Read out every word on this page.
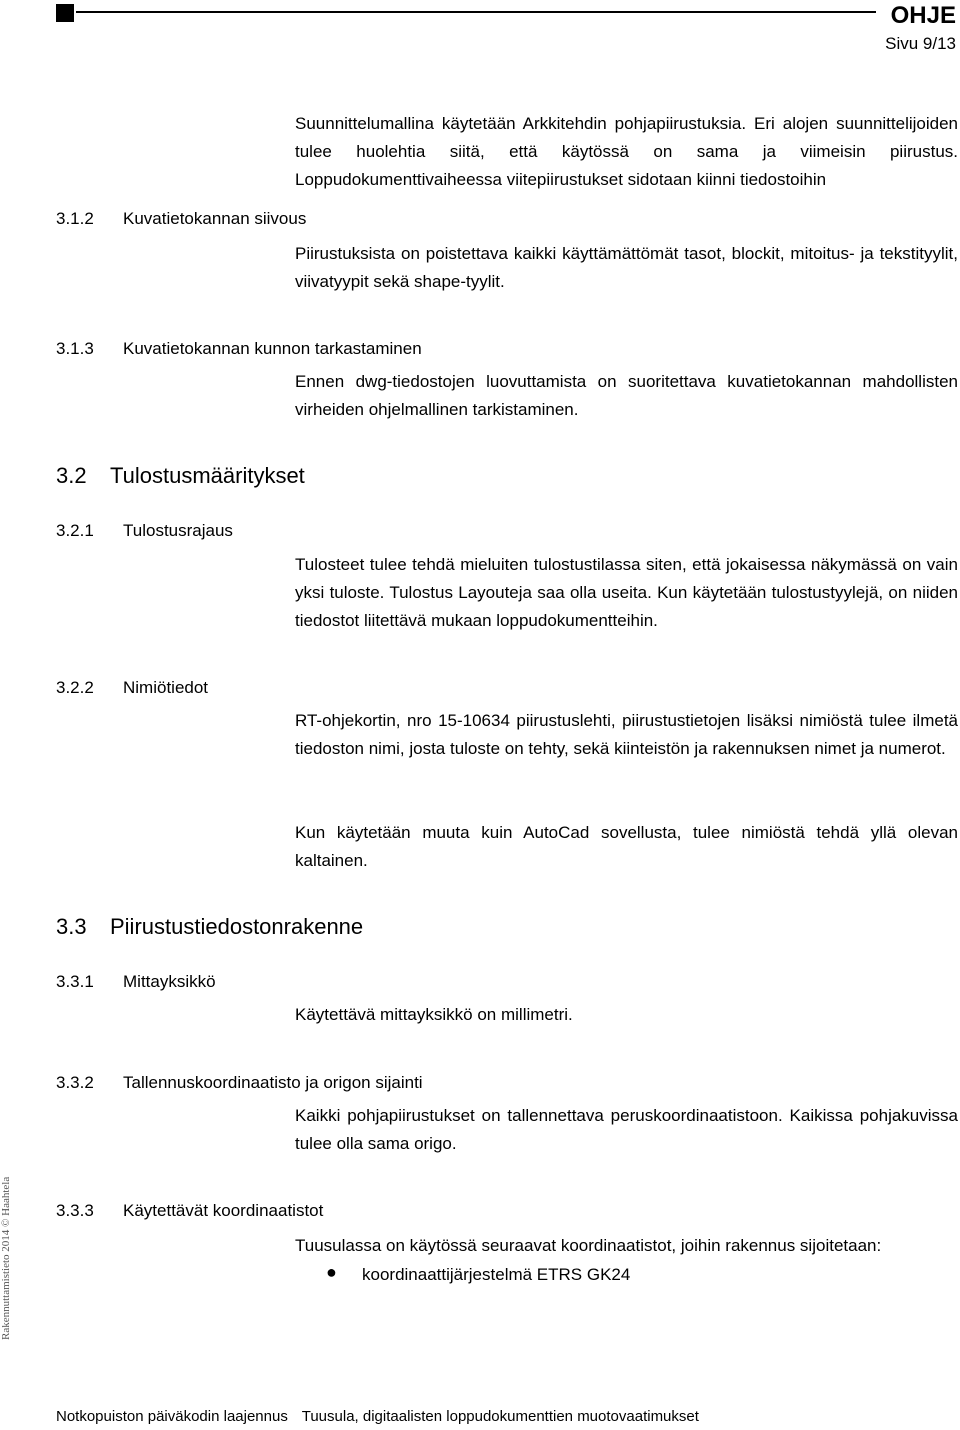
OHJE
Sivu 9/13

Suunnittelumallina käytetään Arkkitehdin pohjapiirustuksia. Eri alojen suunnittelijoiden tulee huolehtia siitä, että käytössä on sama ja viimeisin piirustus. Loppudokumenttivaiheessa viitepiirustukset sidotaan kiinni tiedostoihin

3.1.2 Kuvatietokannan siivous

Piirustuksista on poistettava kaikki käyttämättömät tasot, blockit, mitoitus- ja tekstityylit, viivatyypit sekä shape-tyylit.

3.1.3 Kuvatietokannan kunnon tarkastaminen

Ennen dwg-tiedostojen luovuttamista on suoritettava kuvatietokannan mahdollisten virheiden ohjelmallinen tarkistaminen.

3.2 Tulostusmääritykset
3.2.1 Tulostusrajaus

Tulosteet tulee tehdä mieluiten tulostustilassa siten, että jokaisessa näkymässä on vain yksi tuloste. Tulostus Layouteja saa olla useita. Kun käytetään tulostustyylejä, on niiden tiedostot liitettävä mukaan loppudokumentteihin.

3.2.2 Nimiötiedot

RT-ohjekortin, nro 15-10634 piirustuslehti, piirustustietojen lisäksi nimiöstä tulee ilmetä tiedoston nimi, josta tuloste on tehty, sekä kiinteistön ja rakennuksen nimet ja numerot.

Kun käytetään muuta kuin AutoCad sovellusta, tulee nimiöstä tehdä yllä olevan kaltainen.

3.3 Piirustustiedostonrakenne
3.3.1 Mittayksikkö

Käytettävä mittayksikkö on millimetri.

3.3.2 Tallennuskoordinaatisto ja origon sijainti

Kaikki pohjapiirustukset on tallennettava peruskoordinaatistoon. Kaikissa pohjakuvissa tulee olla sama origo.

3.3.3 Käytettävät koordinaatistot

Tuusulassa on käytössä seuraavat koordinaatistot, joihin rakennus sijoitetaan:

● koordinaattijärjestelmä ETRS GK24
Rakennuttamistieto 2014 © Haahtela
Notkopuiston päiväkodin laajennus Tuusula, digitaalisten loppudokumenttien muotovaatimukset
